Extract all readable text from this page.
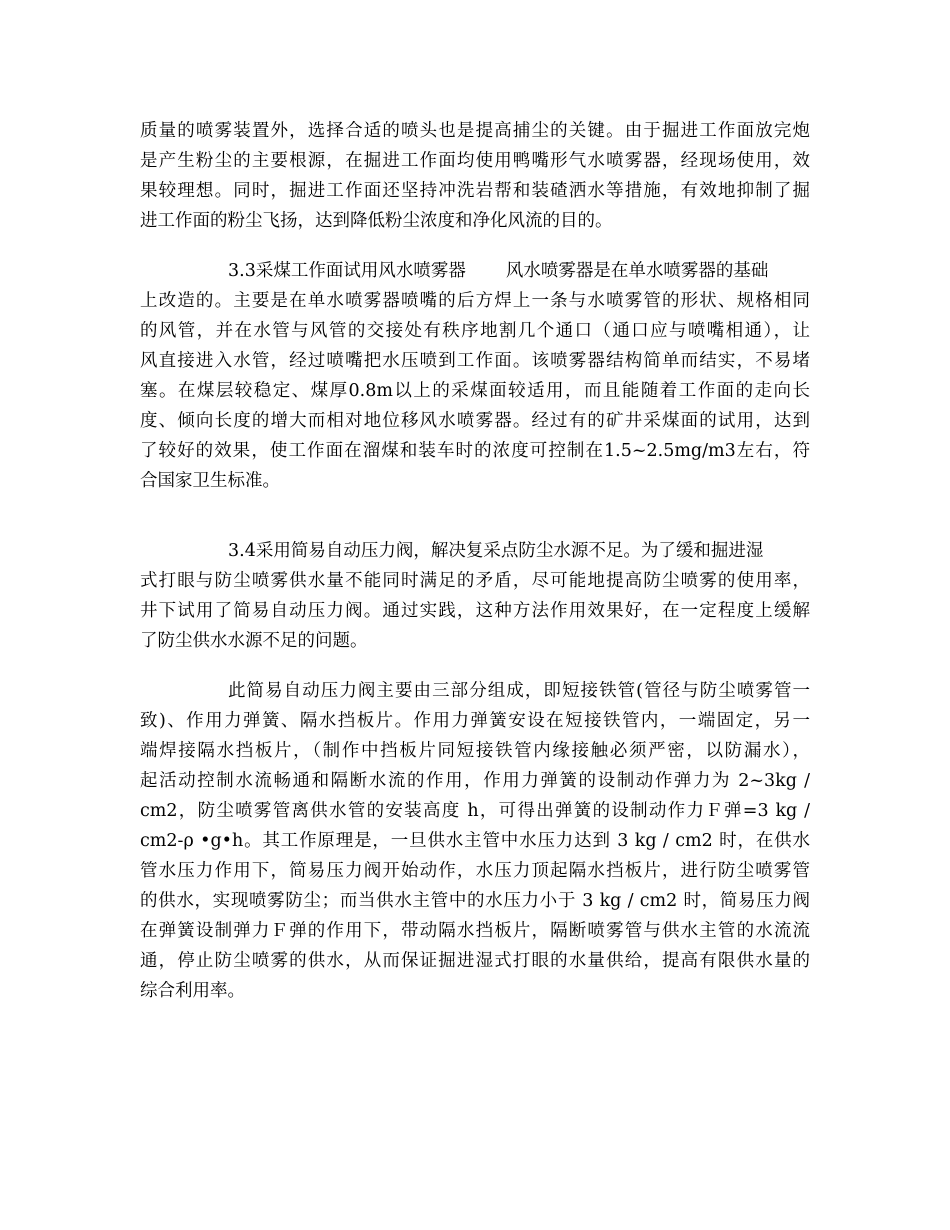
质量的喷雾装置外，选择合适的喷头也是提高捕尘的关键。由于掘进工作面放完炮
是产生粉尘的主要根源，在掘进工作面均使用鸭嘴形气水喷雾器，经现场使用，效
果较理想。同时，掘进工作面还坚持冲洗岩帮和装碴洒水等措施，有效地抑制了掘
进工作面的粉尘飞扬，达到降低粉尘浓度和净化风流的目的。
3.3采煤工作面试用风水喷雾器 风水喷雾器是在单水喷雾器的基础
上改造的。主要是在单水喷雾器喷嘴的后方焊上一条与水喷雾管的形状、规格相同
的风管，并在水管与风管的交接处有秩序地割几个通口（通口应与喷嘴相通），让
风直接进入水管，经过喷嘴把水压喷到工作面。该喷雾器结构简单而结实，不易堵
塞。在煤层较稳定、煤厚0.8m以上的采煤面较适用，而且能随着工作面的走向长
度、倾向长度的增大而相对地位移风水喷雾器。经过有的矿井采煤面的试用，达到
了较好的效果，使工作面在溜煤和装车时的浓度可控制在1.5~2.5mg/m3左右，符
合国家卫生标准。
3.4采用简易自动压力阀，解决复采点防尘水源不足。为了缓和掘进湿
式打眼与防尘喷雾供水量不能同时满足的矛盾，尽可能地提高防尘喷雾的使用率，
井下试用了简易自动压力阀。通过实践，这种方法作用效果好，在一定程度上缓解
了防尘供水水源不足的问题。
此简易自动压力阀主要由三部分组成，即短接铁管(管径与防尘喷雾管一
致)、作用力弹簧、隔水挡板片。作用力弹簧安设在短接铁管内，一端固定，另一
端焊接隔水挡板片，（制作中挡板片同短接铁管内缘接触必须严密，以防漏水），
起活动控制水流畅通和隔断水流的作用，作用力弹簧的设制动作弹力为 2~3kg /
cm2，防尘喷雾管离供水管的安装高度 h，可得出弹簧的设制动作力Ｆ弹=3 kg /
cm2-ρ •g•h。其工作原理是，一旦供水主管中水压力达到 3 kg / cm2 时，在供水
管水压力作用下，简易压力阀开始动作，水压力顶起隔水挡板片，进行防尘喷雾管
的供水，实现喷雾防尘；而当供水主管中的水压力小于 3 kg / cm2 时，简易压力阀
在弹簧设制弹力Ｆ弹的作用下，带动隔水挡板片，隔断喷雾管与供水主管的水流流
通，停止防尘喷雾的供水，从而保证掘进湿式打眼的水量供给，提高有限供水量的
综合利用率。
